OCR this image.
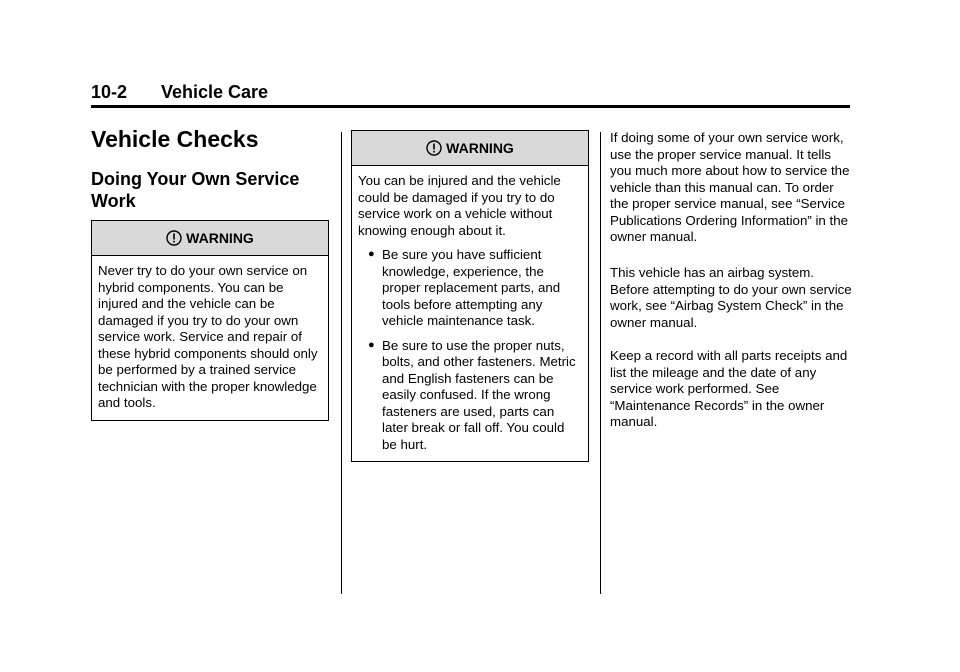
10-2 Vehicle Care
Vehicle Checks
Doing Your Own Service Work
WARNING

Never try to do your own service on hybrid components. You can be injured and the vehicle can be damaged if you try to do your own service work. Service and repair of these hybrid components should only be performed by a trained service technician with the proper knowledge and tools.

WARNING

You can be injured and the vehicle could be damaged if you try to do service work on a vehicle without knowing enough about it.

● Be sure you have sufficient knowledge, experience, the proper replacement parts, and tools before attempting any vehicle maintenance task.
● Be sure to use the proper nuts, bolts, and other fasteners. Metric and English fasteners can be easily confused. If the wrong fasteners are used, parts can later break or fall off. You could be hurt.

If doing some of your own service work, use the proper service manual. It tells you much more about how to service the vehicle than this manual can. To order the proper service manual, see “Service Publications Ordering Information” in the owner manual.

This vehicle has an airbag system. Before attempting to do your own service work, see “Airbag System Check” in the owner manual.

Keep a record with all parts receipts and list the mileage and the date of any service work performed. See “Maintenance Records” in the owner manual.
